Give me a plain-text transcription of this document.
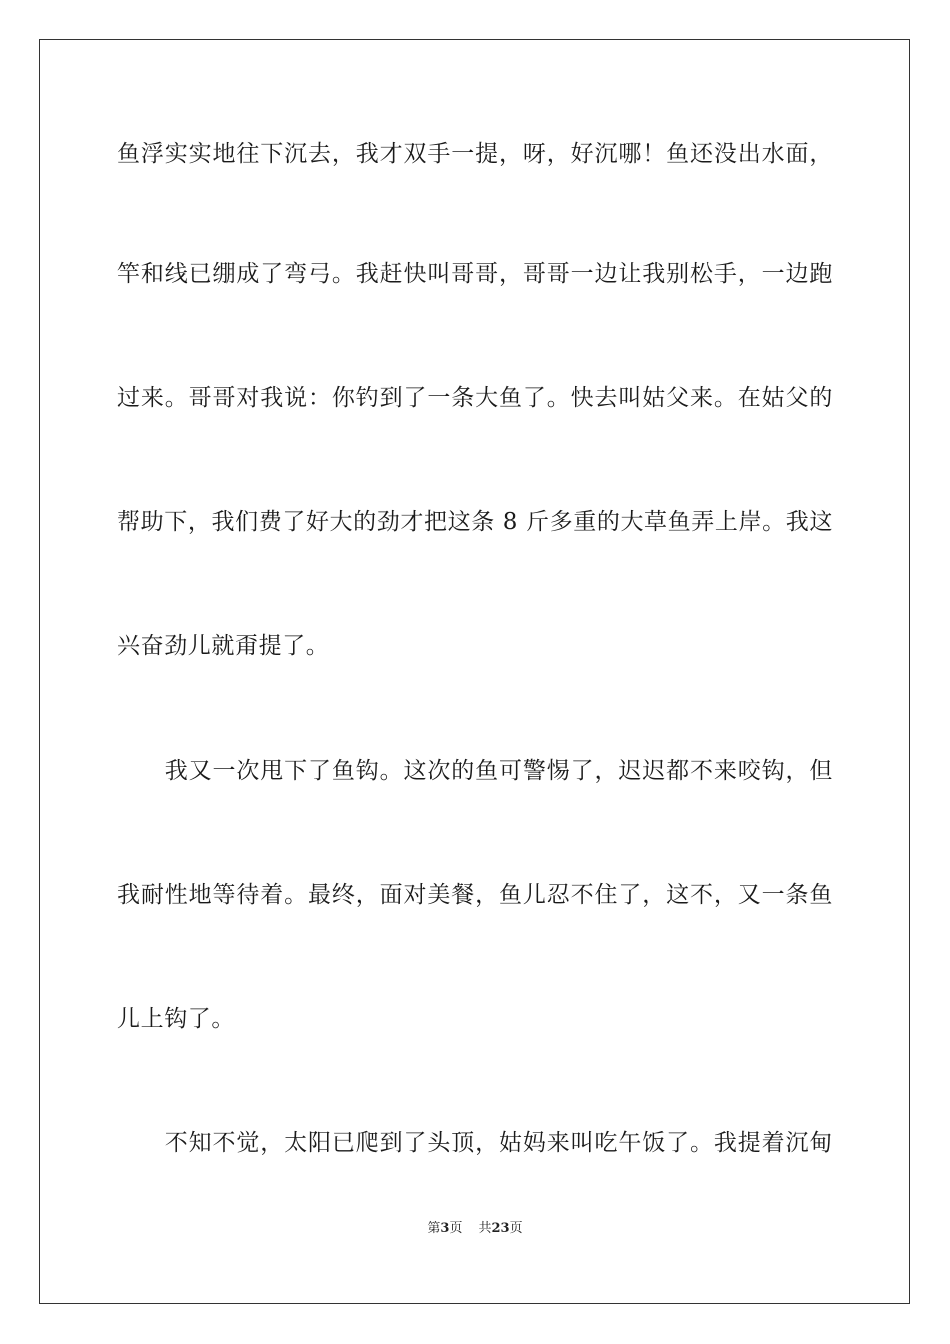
鱼浮实实地往下沉去，我才双手一提，呀，好沉哪！鱼还没出水面，
竿和线已绷成了弯弓。我赶快叫哥哥，哥哥一边让我别松手，一边跑
过来。哥哥对我说：你钓到了一条大鱼了。快去叫姑父来。在姑父的
帮助下，我们费了好大的劲才把这条 8 斤多重的大草鱼弄上岸。我这
兴奋劲儿就甭提了。
　　我又一次甩下了鱼钩。这次的鱼可警惕了，迟迟都不来咬钩，但
我耐性地等待着。最终，面对美餐，鱼儿忍不住了，这不，又一条鱼
儿上钩了。
　　不知不觉，太阳已爬到了头顶，姑妈来叫吃午饭了。我提着沉甸
第3页 共23页
